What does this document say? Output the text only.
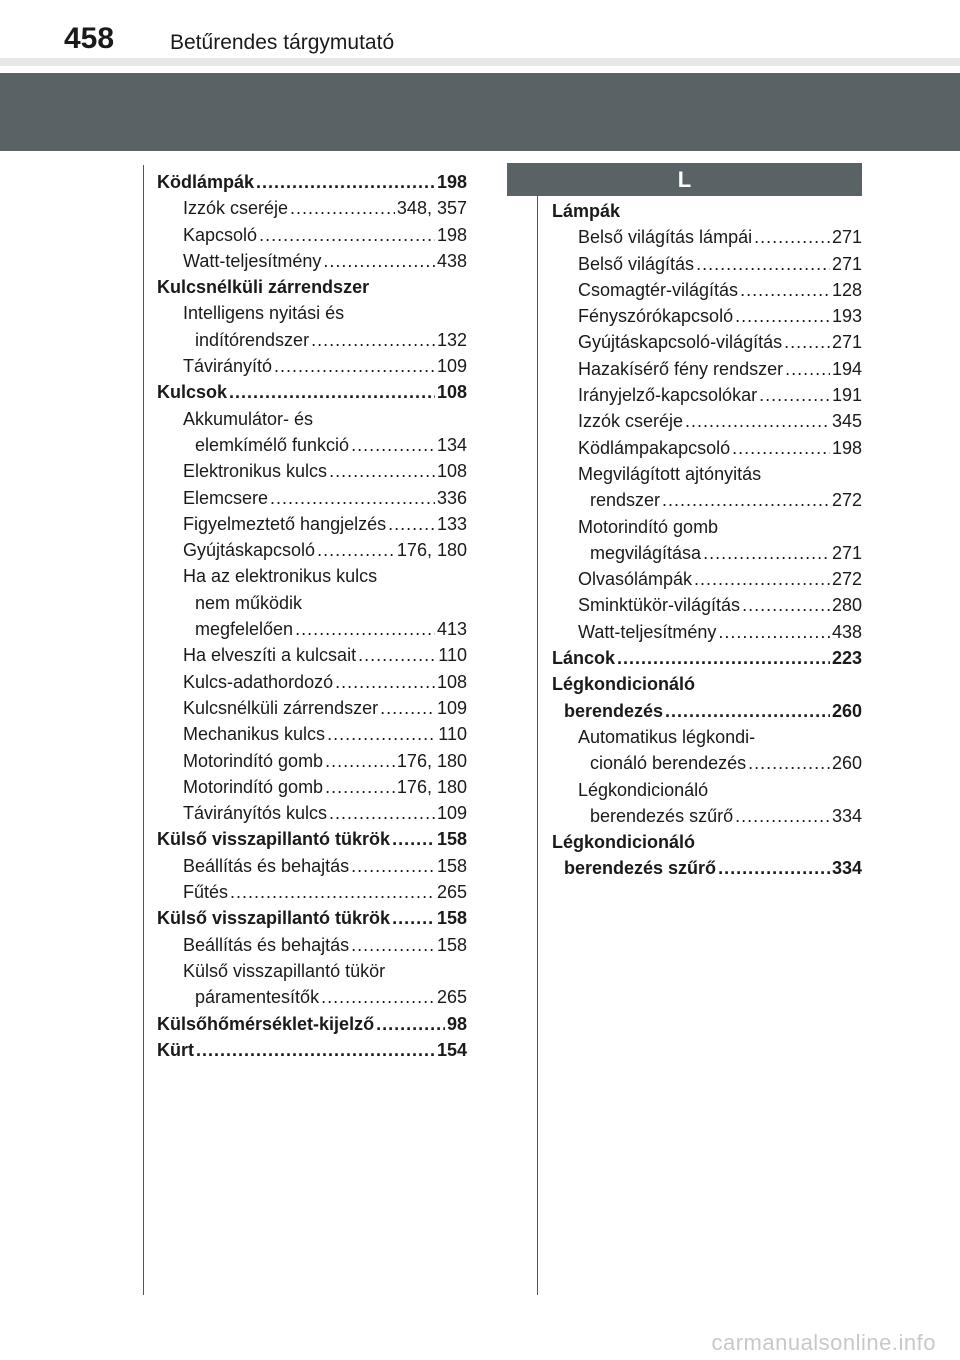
458	Betűrendes tárgymutató
L
Ködlámpák .....	198
Izzók cseréje .....	348, 357
Kapcsoló .....	198
Watt-teljesítmény .....	438
Kulcsnélküli zárrendszer
Intelligens nyitási és
indítórendszer .....	132
Távirányító .....	109
Kulcsok .....	108
Akkumulátor- és
elemkímélő funkció .....	134
Elektronikus kulcs .....	108
Elemcsere .....	336
Figyelmeztető hangjelzés .....	133
Gyújtáskapcsoló .....	176, 180
Ha az elektronikus kulcs
nem működik
megfelelően .....	413
Ha elveszíti a kulcsait .....	110
Kulcs-adathordozó .....	108
Kulcsnélküli zárrendszer .....	109
Mechanikus kulcs .....	110
Motorindító gomb .....	176, 180
Motorindító gomb .....	176, 180
Távirányítós kulcs .....	109
Külső visszapillantó tükrök .....	158
Beállítás és behajtás .....	158
Fűtés .....	265
Külső visszapillantó tükrök .....	158
Beállítás és behajtás .....	158
Külső visszapillantó tükör
páramentesítők .....	265
Külsőhőmérséklet-kijelző .....	98
Kürt .....	154
Lámpák
Belső világítás lámpái .....	271
Belső világítás .....	271
Csomagtér-világítás .....	128
Fényszórókapcsoló .....	193
Gyújtáskapcsoló-világítás .....	271
Hazakísérő fény rendszer .....	194
Irányjelző-kapcsolókar .....	191
Izzók cseréje .....	345
Ködlámpakapcsoló .....	198
Megvilágított ajtónyitás
rendszer .....	272
Motorindító gomb
megvilágítása .....	271
Olvasólámpák .....	272
Sminktükör-világítás .....	280
Watt-teljesítmény .....	438
Láncok .....	223
Légkondicionáló
berendezés .....	260
Automatikus légkondi-
cionáló berendezés .....	260
Légkondicionáló
berendezés szűrő .....	334
Légkondicionáló
berendezés szűrő .....	334
carmanualsonline.info
